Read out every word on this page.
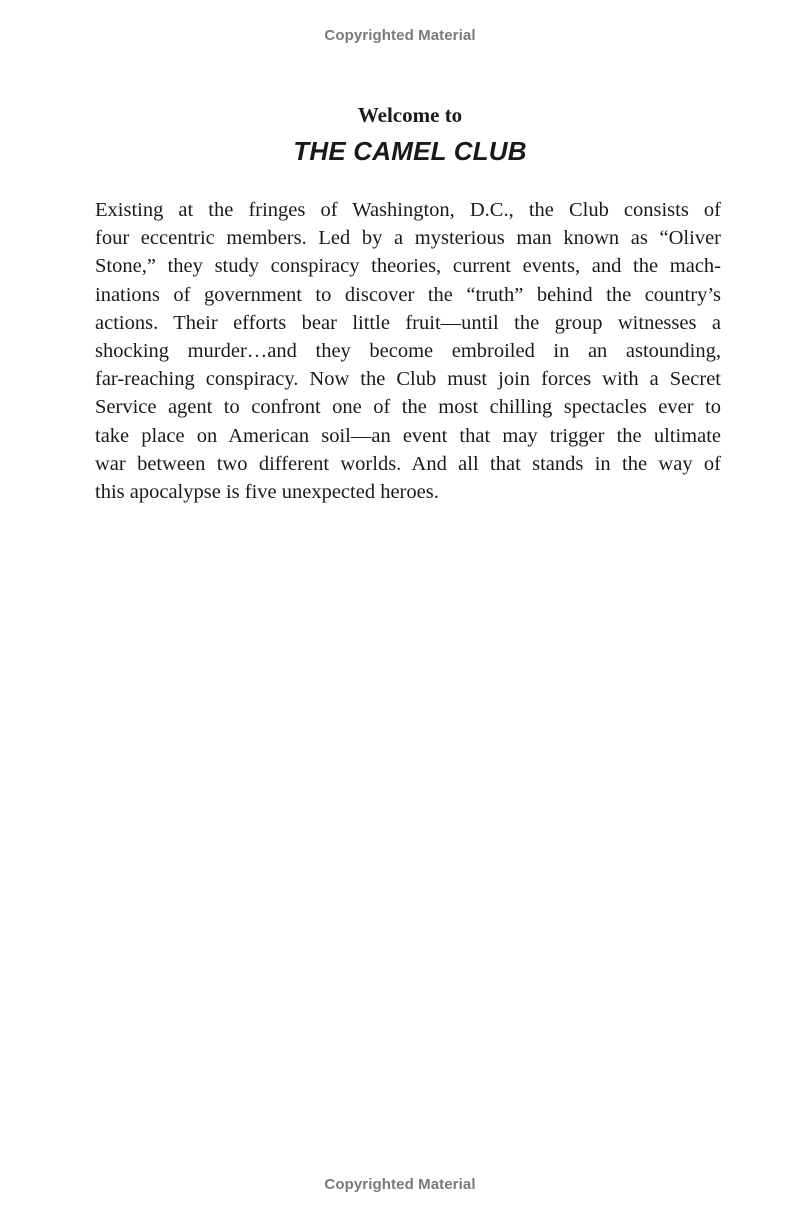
Copyrighted Material
Welcome to
THE CAMEL CLUB
Existing at the fringes of Washington, D.C., the Club consists of
four eccentric members. Led by a mysterious man known as “Oliver
Stone,” they study conspiracy theories, current events, and the mach-
inations of government to discover the “truth” behind the country’s
actions. Their efforts bear little fruit—until the group witnesses a
shocking murder…and they become embroiled in an astounding,
far-reaching conspiracy. Now the Club must join forces with a Secret
Service agent to confront one of the most chilling spectacles ever to
take place on American soil—an event that may trigger the ultimate
war between two different worlds. And all that stands in the way of
this apocalypse is five unexpected heroes.
Copyrighted Material
